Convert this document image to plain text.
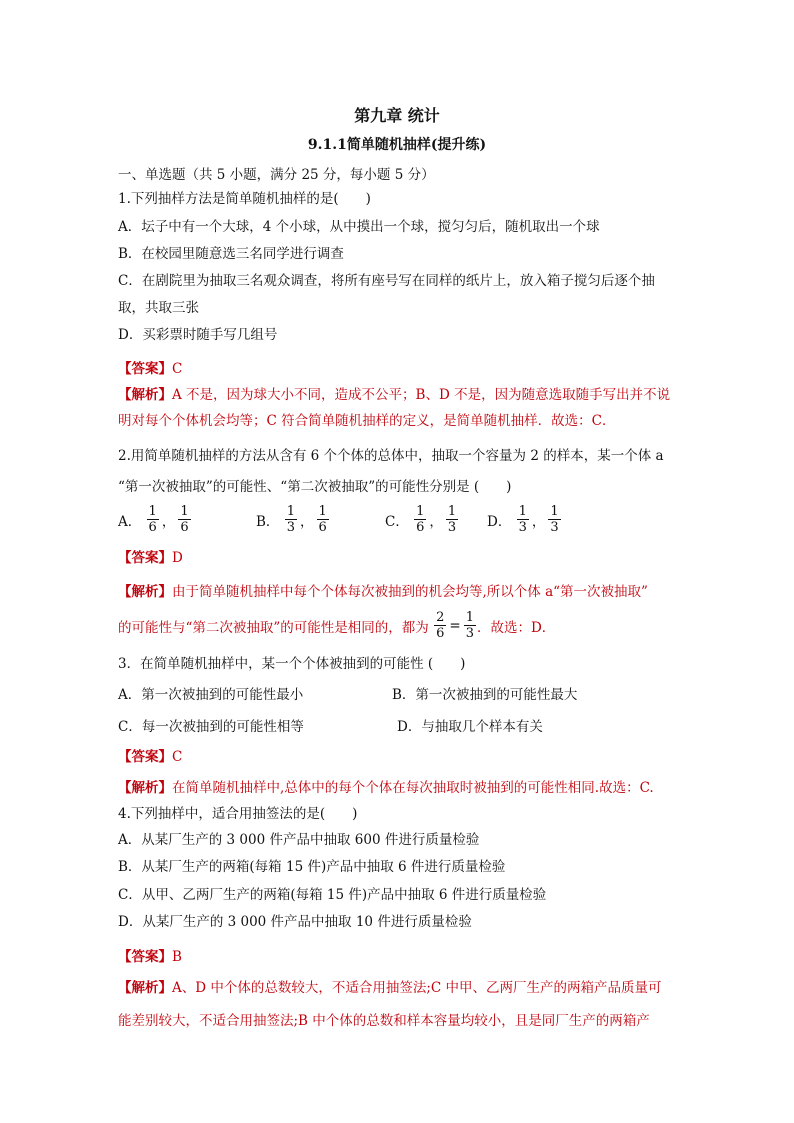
第九章 统计
9.1.1简单随机抽样(提升练)
一、单选题（共 5 小题，满分 25 分，每小题 5 分）
1.下列抽样方法是简单随机抽样的是(　　)
A．坛子中有一个大球，4 个小球，从中摸出一个球，搅匀匀后，随机取出一个球
B．在校园里随意选三名同学进行调查
C．在剧院里为抽取三名观众调查，将所有座号写在同样的纸片上，放入箱子搅匀后逐个抽
取，共取三张
D．买彩票时随手写几组号
【答案】C
【解析】A 不是，因为球大小不同，造成不公平；B、D 不是，因为随意选取随手写出并不说
明对每个个体机会均等；C 符合简单随机抽样的定义，是简单随机抽样．故选：C．
2.用简单随机抽样的方法从含有 6 个个体的总体中，抽取一个容量为 2 的样本，某一个体 a
“第一次被抽取”的可能性、“第二次被抽取”的可能性分别是 (　　)
A． $\frac{1}{6}$ ， $\frac{1}{6}$	B． $\frac{1}{3}$ ， $\frac{1}{6}$	C． $\frac{1}{6}$ ， $\frac{1}{3}$ D． $\frac{1}{3}$ ， $\frac{1}{3}$
【答案】D
【解析】由于简单随机抽样中每个个体每次被抽到的机会均等,所以个体 a“第一次被抽取”
的可能性与“第二次被抽取”的可能性是相同的，都为 $\frac{2}{6} = \frac{1}{3}$ ．故选：D．
3．在简单随机抽样中，某一个个体被抽到的可能性 (　　)
A．第一次被抽到的可能性最小	B．第一次被抽到的可能性最大
C．每一次被抽到的可能性相等	D．与抽取几个样本有关
【答案】C
【解析】在简单随机抽样中,总体中的每个个体在每次抽取时被抽到的可能性相同.故选：C.
4.下列抽样中，适合用抽签法的是(　　)
A．从某厂生产的 3 000 件产品中抽取 600 件进行质量检验
B．从某厂生产的两箱(每箱 15 件)产品中抽取 6 件进行质量检验
C．从甲、乙两厂生产的两箱(每箱 15 件)产品中抽取 6 件进行质量检验
D．从某厂生产的 3 000 件产品中抽取 10 件进行质量检验
【答案】B
【解析】A、D 中个体的总数较大，不适合用抽签法;C 中甲、乙两厂生产的两箱产品质量可
能差别较大，不适合用抽签法;B 中个体的总数和样本容量均较小，且是同厂生产的两箱产
